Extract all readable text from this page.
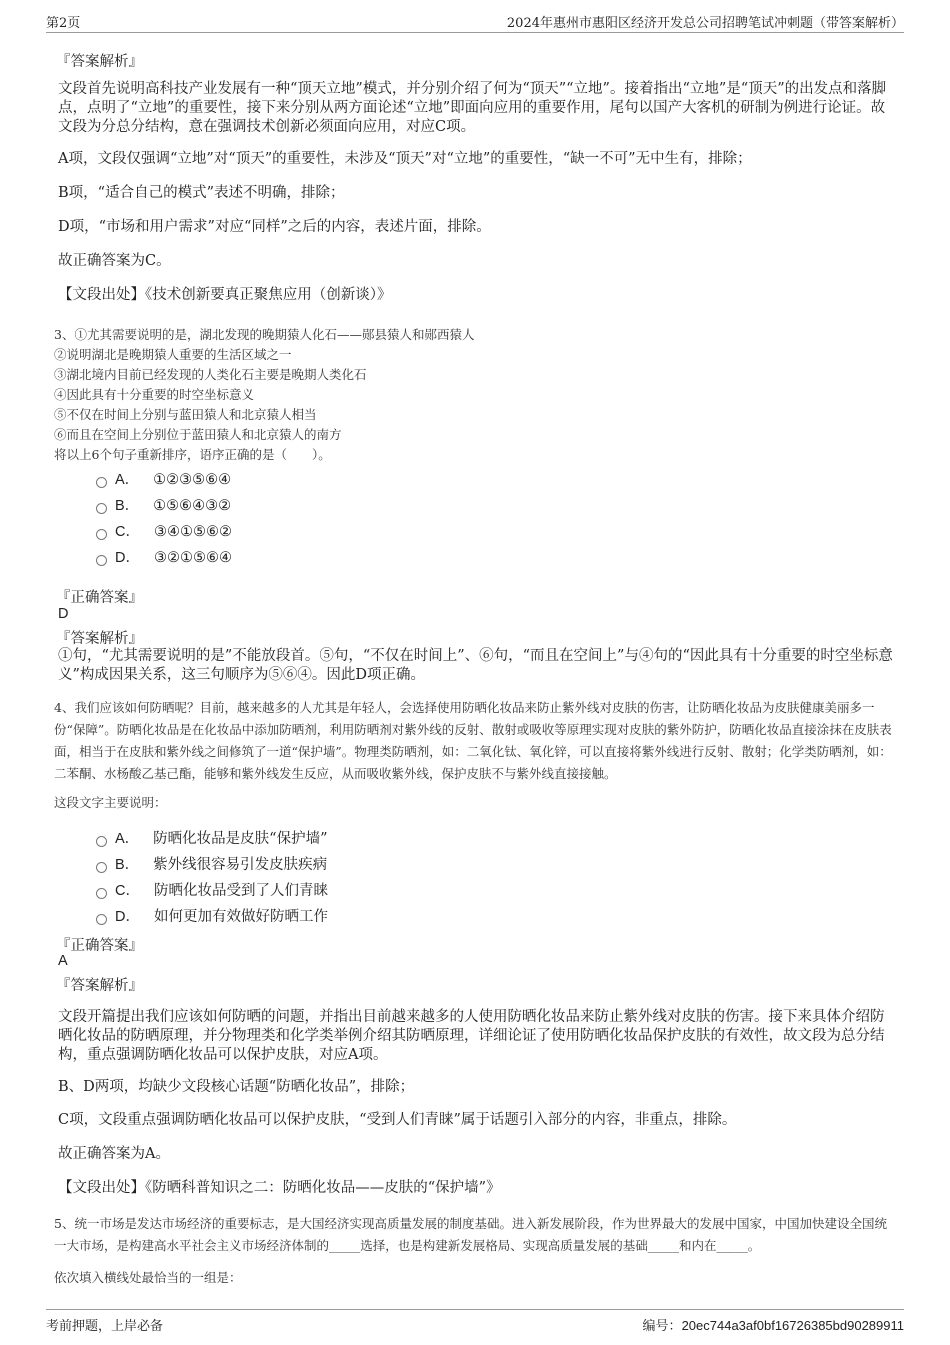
第2页	2024年惠州市惠阳区经济开发总公司招聘笔试冲刺题（带答案解析）
『答案解析』
文段首先说明高科技产业发展有一种“顶天立地”模式，并分别介绍了何为“顶天”“立地”。接着指出“立地”是“顶天”的出发点和落脚点，点明了“立地”的重要性，接下来分别从两方面论述“立地”即面向应用的重要作用，尾句以国产大客机的研制为例进行论证。故文段为分总分结构，意在强调技术创新必须面向应用，对应C项。
A项，文段仅强调“立地”对“顶天”的重要性，未涉及“顶天”对“立地”的重要性，“缺一不可”无中生有，排除；
B项，“适合自己的模式”表述不明确，排除；
D项，“市场和用户需求”对应“同样”之后的内容，表述片面，排除。
故正确答案为C。
【文段出处】《技术创新要真正聚焦应用（创新谈）》
3、①尤其需要说明的是，湖北发现的晚期猿人化石——郧县猿人和郧西猿人
②说明湖北是晚期猿人重要的生活区域之一
③湖北境内目前已经发现的人类化石主要是晚期人类化石
④因此具有十分重要的时空坐标意义
⑤不仅在时间上分别与蓝田猿人和北京猿人相当
⑥而且在空间上分别位于蓝田猿人和北京猿人的南方
将以上6个句子重新排序，语序正确的是（　　）。
A． ①②③⑤⑥④
B． ①⑤⑥④③②
C． ③④①⑤⑥②
D． ③②①⑤⑥④
『正确答案』
D
『答案解析』
①句，“尤其需要说明的是”不能放段首。⑤句，“不仅在时间上”、⑥句，“而且在空间上”与④句的“因此具有十分重要的时空坐标意义”构成因果关系，这三句顺序为⑤⑥④。因此D项正确。
4、我们应该如何防晒呢？目前，越来越多的人尤其是年轻人，会选择使用防晒化妆品来防止紫外线对皮肤的伤害，让防晒化妆品为皮肤健康美丽多一份“保障”。防晒化妆品是在化妆品中添加防晒剂，利用防晒剂对紫外线的反射、散射或吸收等原理实现对皮肤的紫外防护，防晒化妆品直接涂抹在皮肤表面，相当于在皮肤和紫外线之间修筑了一道“保护墙”。物理类防晒剂，如：二氧化钛、氧化锌，可以直接将紫外线进行反射、散射；化学类防晒剂，如：二苯酮、水杨酸乙基己酯，能够和紫外线发生反应，从而吸收紫外线，保护皮肤不与紫外线直接接触。
这段文字主要说明：
A． 防晒化妆品是皮肤“保护墙”
B． 紫外线很容易引发皮肤疾病
C． 防晒化妆品受到了人们青睐
D． 如何更加有效做好防晒工作
『正确答案』
A
『答案解析』
文段开篇提出我们应该如何防晒的问题，并指出目前越来越多的人使用防晒化妆品来防止紫外线对皮肤的伤害。接下来具体介绍防晒化妆品的防晒原理，并分物理类和化学类举例介绍其防晒原理，详细论证了使用防晒化妆品保护皮肤的有效性，故文段为总分结构，重点强调防晒化妆品可以保护皮肤，对应A项。
B、D两项，均缺少文段核心话题“防晒化妆品”，排除；
C项，文段重点强调防晒化妆品可以保护皮肤，“受到人们青睐”属于话题引入部分的内容，非重点，排除。
故正确答案为A。
【文段出处】《防晒科普知识之二：防晒化妆品——皮肤的“保护墙”》
5、统一市场是发达市场经济的重要标志，是大国经济实现高质量发展的制度基础。进入新发展阶段，作为世界最大的发展中国家，中国加快建设全国统一大市场，是构建高水平社会主义市场经济体制的_____选择，也是构建新发展格局、实现高质量发展的基础_____和内在_____。
依次填入横线处最恰当的一组是：
考前押题，上岸必备	编号：20ec744a3af0bf16726385bd90289911
